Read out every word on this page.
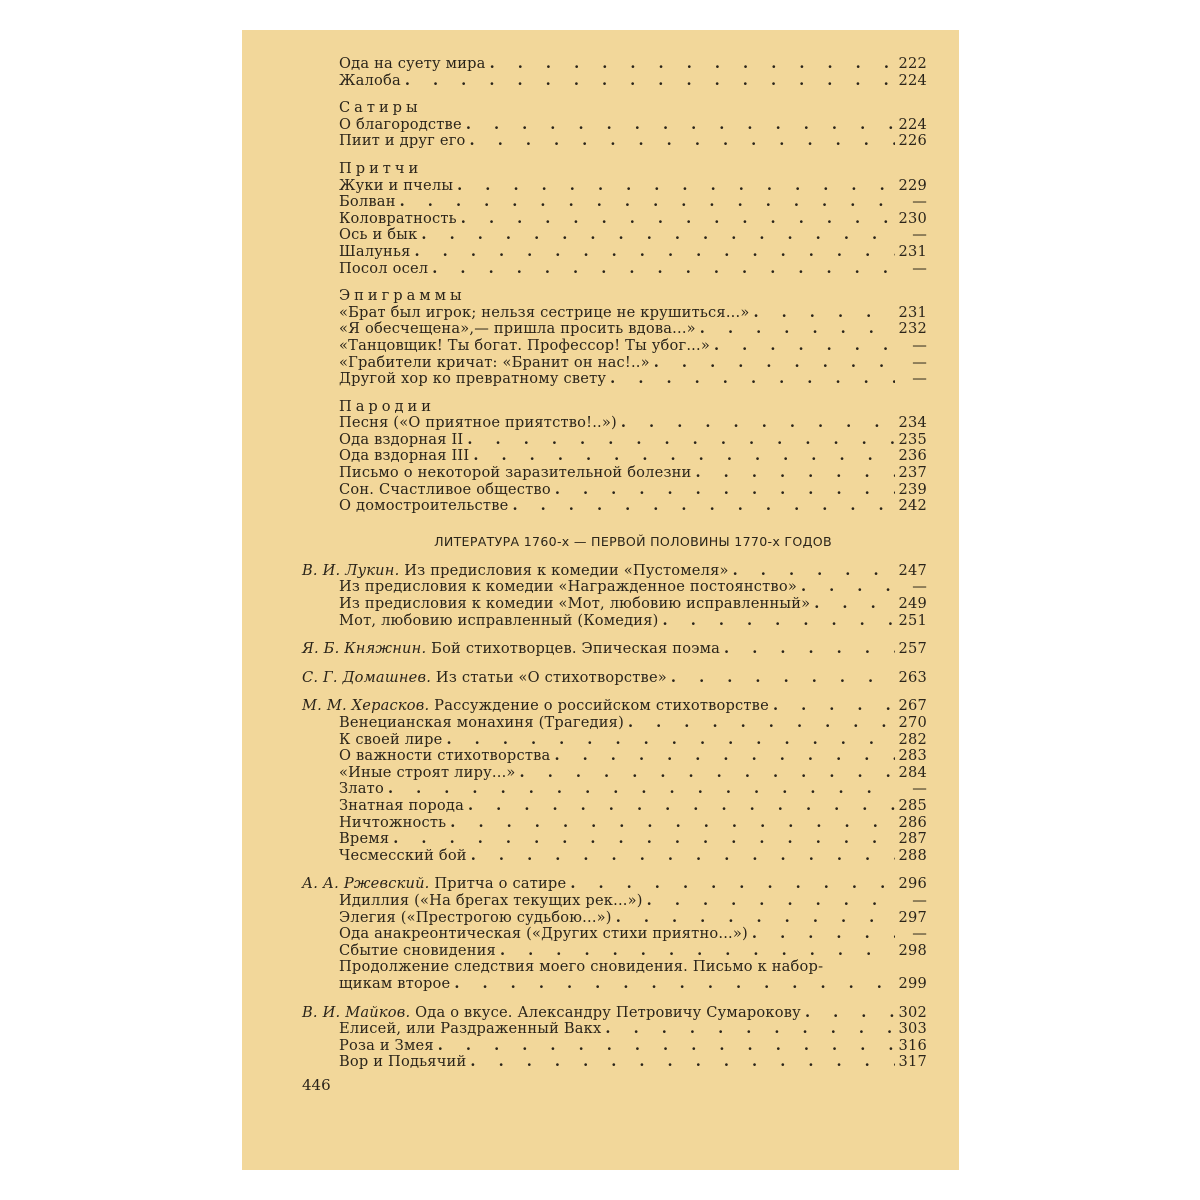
Ода на суету мира . . .	222
Жалоба . . .	224
Сатиры
О благородстве . . .	224
Пиит и друг его . . .	226
Притчи
Жуки и пчелы . . .	229
Болван . . .	—
Коловратность . . .	230
Ось и бык . . .	—
Шалунья . . .	231
Посол осел . . .	—
Эпиграммы
«Брат был игрок; нельзя сестрице не крушиться...» . . .	231
«Я обесчещена»,— пришла просить вдова...» . . .	232
«Танцовщик! Ты богат. Профессор! Ты убог...» . . .	—
«Грабители кричат: «Бранит он нас!..» . . .	—
Другой хор ко превратному свету . . .	—
Пародии
Песня («О приятное приятство!..») . . .	234
Ода вздорная II . . .	235
Ода вздорная III . . .	236
Письмо о некоторой заразительной болезни . . .	237
Сон. Счастливое общество . . .	239
О домостроительстве . . .	242
ЛИТЕРАТУРА 1760-х — ПЕРВОЙ ПОЛОВИНЫ 1770-х ГОДОВ
В. И. Лукин. Из предисловия к комедии «Пустомеля» . . .	247
Из предисловия к комедии «Награжденное постоянство» . . .	—
Из предисловия к комедии «Мот, любовию исправленный» . . .	249
Мот, любовию исправленный (Комедия) . . .	251
Я. Б. Княжнин. Бой стихотворцев. Эпическая поэма . . .	257
С. Г. Домашнев. Из статьи «О стихотворстве» . . .	263
М. М. Херасков. Рассуждение о российском стихотворстве . . .	267
Венецианская монахиня (Трагедия) . . .	270
К своей лире . . .	282
О важности стихотворства . . .	283
«Иные строят лиру...» . . .	284
Злато . . .	—
Знатная порода . . .	285
Ничтожность . . .	286
Время . . .	287
Чесмесский бой . . .	288
А. А. Ржевский. Притча о сатире . . .	296
Идиллия («На брегах текущих рек...») . . .	—
Элегия («Престрогою судьбою...») . . .	297
Ода анакреонтическая («Других стихи приятно...») . . .	—
Сбытие сновидения . . .	298
Продолжение следствия моего сновидения. Письмо к набор-
щикам второе . . .	299
В. И. Майков. Ода о вкусе. Александру Петровичу Сумарокову . . .	302
Елисей, или Раздраженный Вакх . . .	303
Роза и Змея . . .	316
Вор и Подьячий . . .	317
446
